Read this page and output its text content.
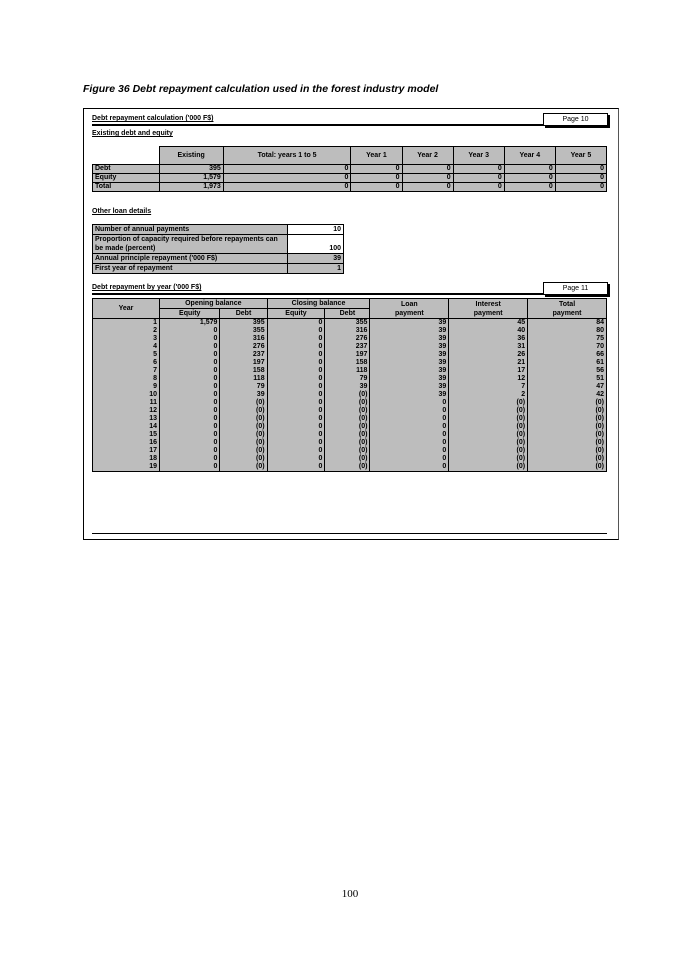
Figure 36 Debt repayment calculation used in the forest industry model
Debt repayment calculation ('000 F$)	Page 10
Existing debt and equity
	Existing	Total: years 1 to 5	Year 1	Year 2	Year 3	Year 4	Year 5
Debt	395	0	0	0	0	0	0
Equity	1,579	0	0	0	0	0	0
Total	1,973	0	0	0	0	0	0
Other loan details
Number of annual payments	10
Proportion of capacity required before repayments can be made (percent)	100
Annual principle repayment ('000 F$)	39
First year of repayment	1
Debt repayment by year ('000 F$)	Page 11
Year	Opening balance		Closing balance		Loan payment	Interest payment	Total payment
	Equity	Debt	Equity	Debt			
1	1,579	395	0	355	39	45	84
2	0	355	0	316	39	40	80
3	0	316	0	276	39	36	75
4	0	276	0	237	39	31	70
5	0	237	0	197	39	26	66
6	0	197	0	158	39	21	61
7	0	158	0	118	39	17	56
8	0	118	0	79	39	12	51
9	0	79	0	39	39	7	47
10	0	39	0	(0)	39	2	42
11	0	(0)	0	(0)	0	(0)	(0)
12	0	(0)	0	(0)	0	(0)	(0)
13	0	(0)	0	(0)	0	(0)	(0)
14	0	(0)	0	(0)	0	(0)	(0)
15	0	(0)	0	(0)	0	(0)	(0)
16	0	(0)	0	(0)	0	(0)	(0)
17	0	(0)	0	(0)	0	(0)	(0)
18	0	(0)	0	(0)	0	(0)	(0)
19	0	(0)	0	(0)	0	(0)	(0)
100
